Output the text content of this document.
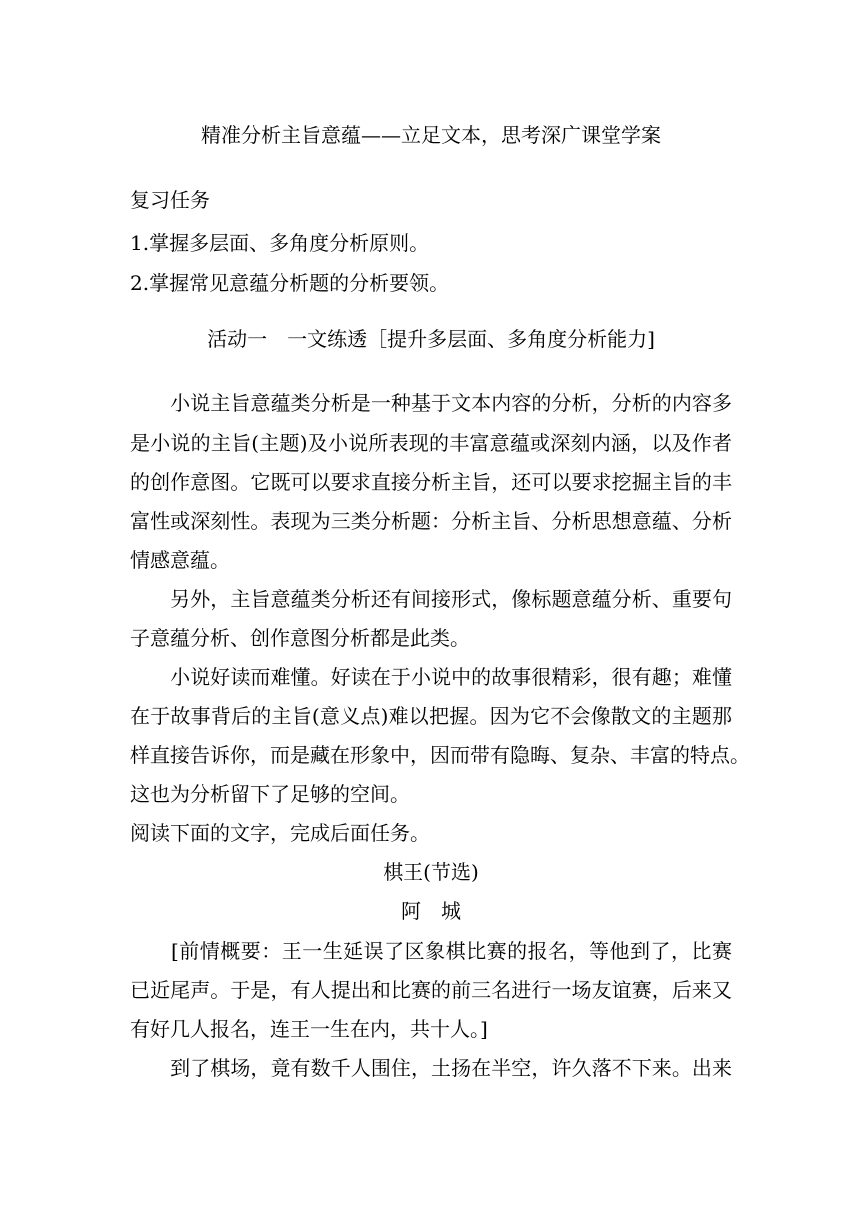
精准分析主旨意蕴——立足文本，思考深广课堂学案

复习任务

1.掌握多层面、多角度分析原则。

2.掌握常见意蕴分析题的分析要领。

活动一　一文练透［提升多层面、多角度分析能力]

　　小说主旨意蕴类分析是一种基于文本内容的分析，分析的内容多

是小说的主旨(主题)及小说所表现的丰富意蕴或深刻内涵，以及作者

的创作意图。它既可以要求直接分析主旨，还可以要求挖掘主旨的丰

富性或深刻性。表现为三类分析题：分析主旨、分析思想意蕴、分析

情感意蕴。

　　另外，主旨意蕴类分析还有间接形式，像标题意蕴分析、重要句

子意蕴分析、创作意图分析都是此类。

　　小说好读而难懂。好读在于小说中的故事很精彩，很有趣；难懂

在于故事背后的主旨(意义点)难以把握。因为它不会像散文的主题那

样直接告诉你，而是藏在形象中，因而带有隐晦、复杂、丰富的特点。

这也为分析留下了足够的空间。

阅读下面的文字，完成后面任务。

棋王(节选)

阿　城

　　[前情概要：王一生延误了区象棋比赛的报名，等他到了，比赛

已近尾声。于是，有人提出和比赛的前三名进行一场友谊赛，后来又

有好几人报名，连王一生在内，共十人。]

　　到了棋场，竟有数千人围住，土扬在半空，许久落不下来。出来
